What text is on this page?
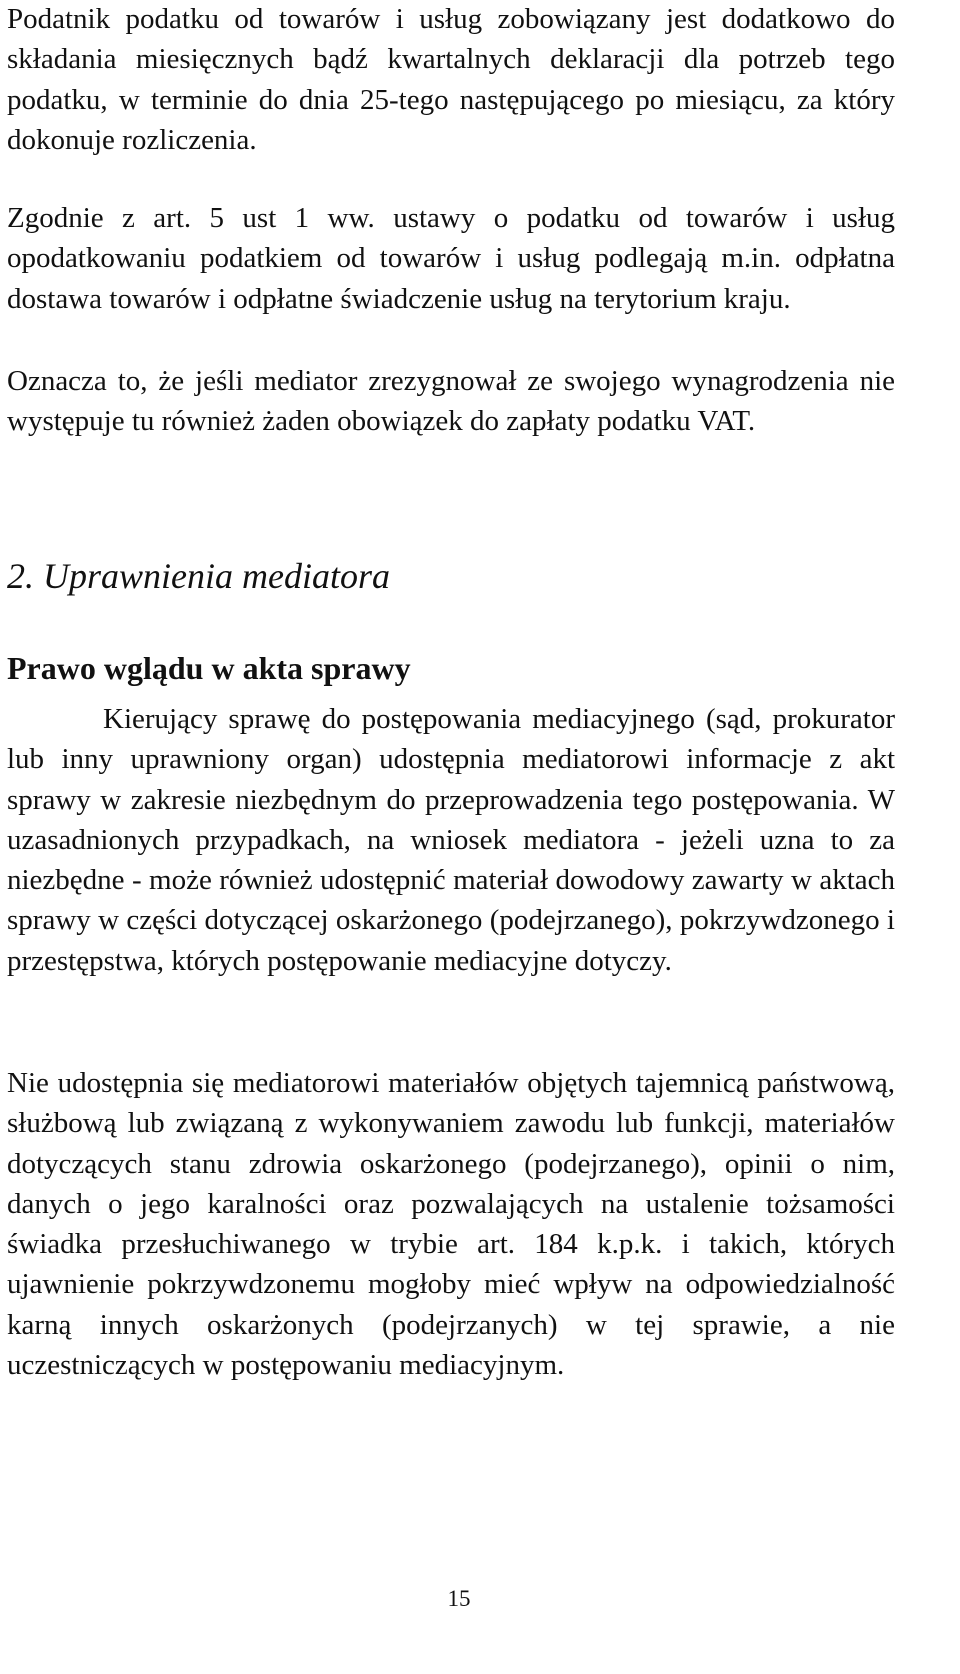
Podatnik podatku od towarów i usług zobowiązany jest dodatkowo do składania miesięcznych bądź kwartalnych deklaracji dla potrzeb tego podatku, w terminie do dnia 25-tego następującego po miesiącu, za który dokonuje rozliczenia.

Zgodnie z art. 5 ust 1 ww. ustawy o podatku od towarów i usług opodatkowaniu podatkiem od towarów i usług podlegają m.in. odpłatna dostawa towarów i odpłatne świadczenie usług na terytorium kraju.

Oznacza to, że jeśli mediator zrezygnował ze swojego wynagrodzenia nie występuje tu również żaden obowiązek do zapłaty podatku VAT.

2. Uprawnienia mediatora
Prawo wglądu w akta sprawy

Kierujący sprawę do postępowania mediacyjnego (sąd, prokurator lub inny uprawniony organ) udostępnia mediatorowi informacje z akt sprawy w zakresie niezbędnym do przeprowadzenia tego postępowania. W uzasadnionych przypadkach, na wniosek mediatora - jeżeli uzna to za niezbędne - może również udostępnić materiał dowodowy zawarty w aktach sprawy w części dotyczącej oskarżonego (podejrzanego), pokrzywdzonego i przestępstwa, których postępowanie mediacyjne dotyczy.

Nie udostępnia się mediatorowi materiałów objętych tajemnicą państwową, służbową lub związaną z wykonywaniem zawodu lub funkcji, materiałów dotyczących stanu zdrowia oskarżonego (podejrzanego), opinii o nim, danych o jego karalności oraz pozwalających na ustalenie tożsamości świadka przesłuchiwanego w trybie art. 184 k.p.k. i takich, których ujawnienie pokrzywdzonemu mogłoby mieć wpływ na odpowiedzialność karną innych oskarżonych (podejrzanych) w tej sprawie, a nie uczestniczących w postępowaniu mediacyjnym.

15
